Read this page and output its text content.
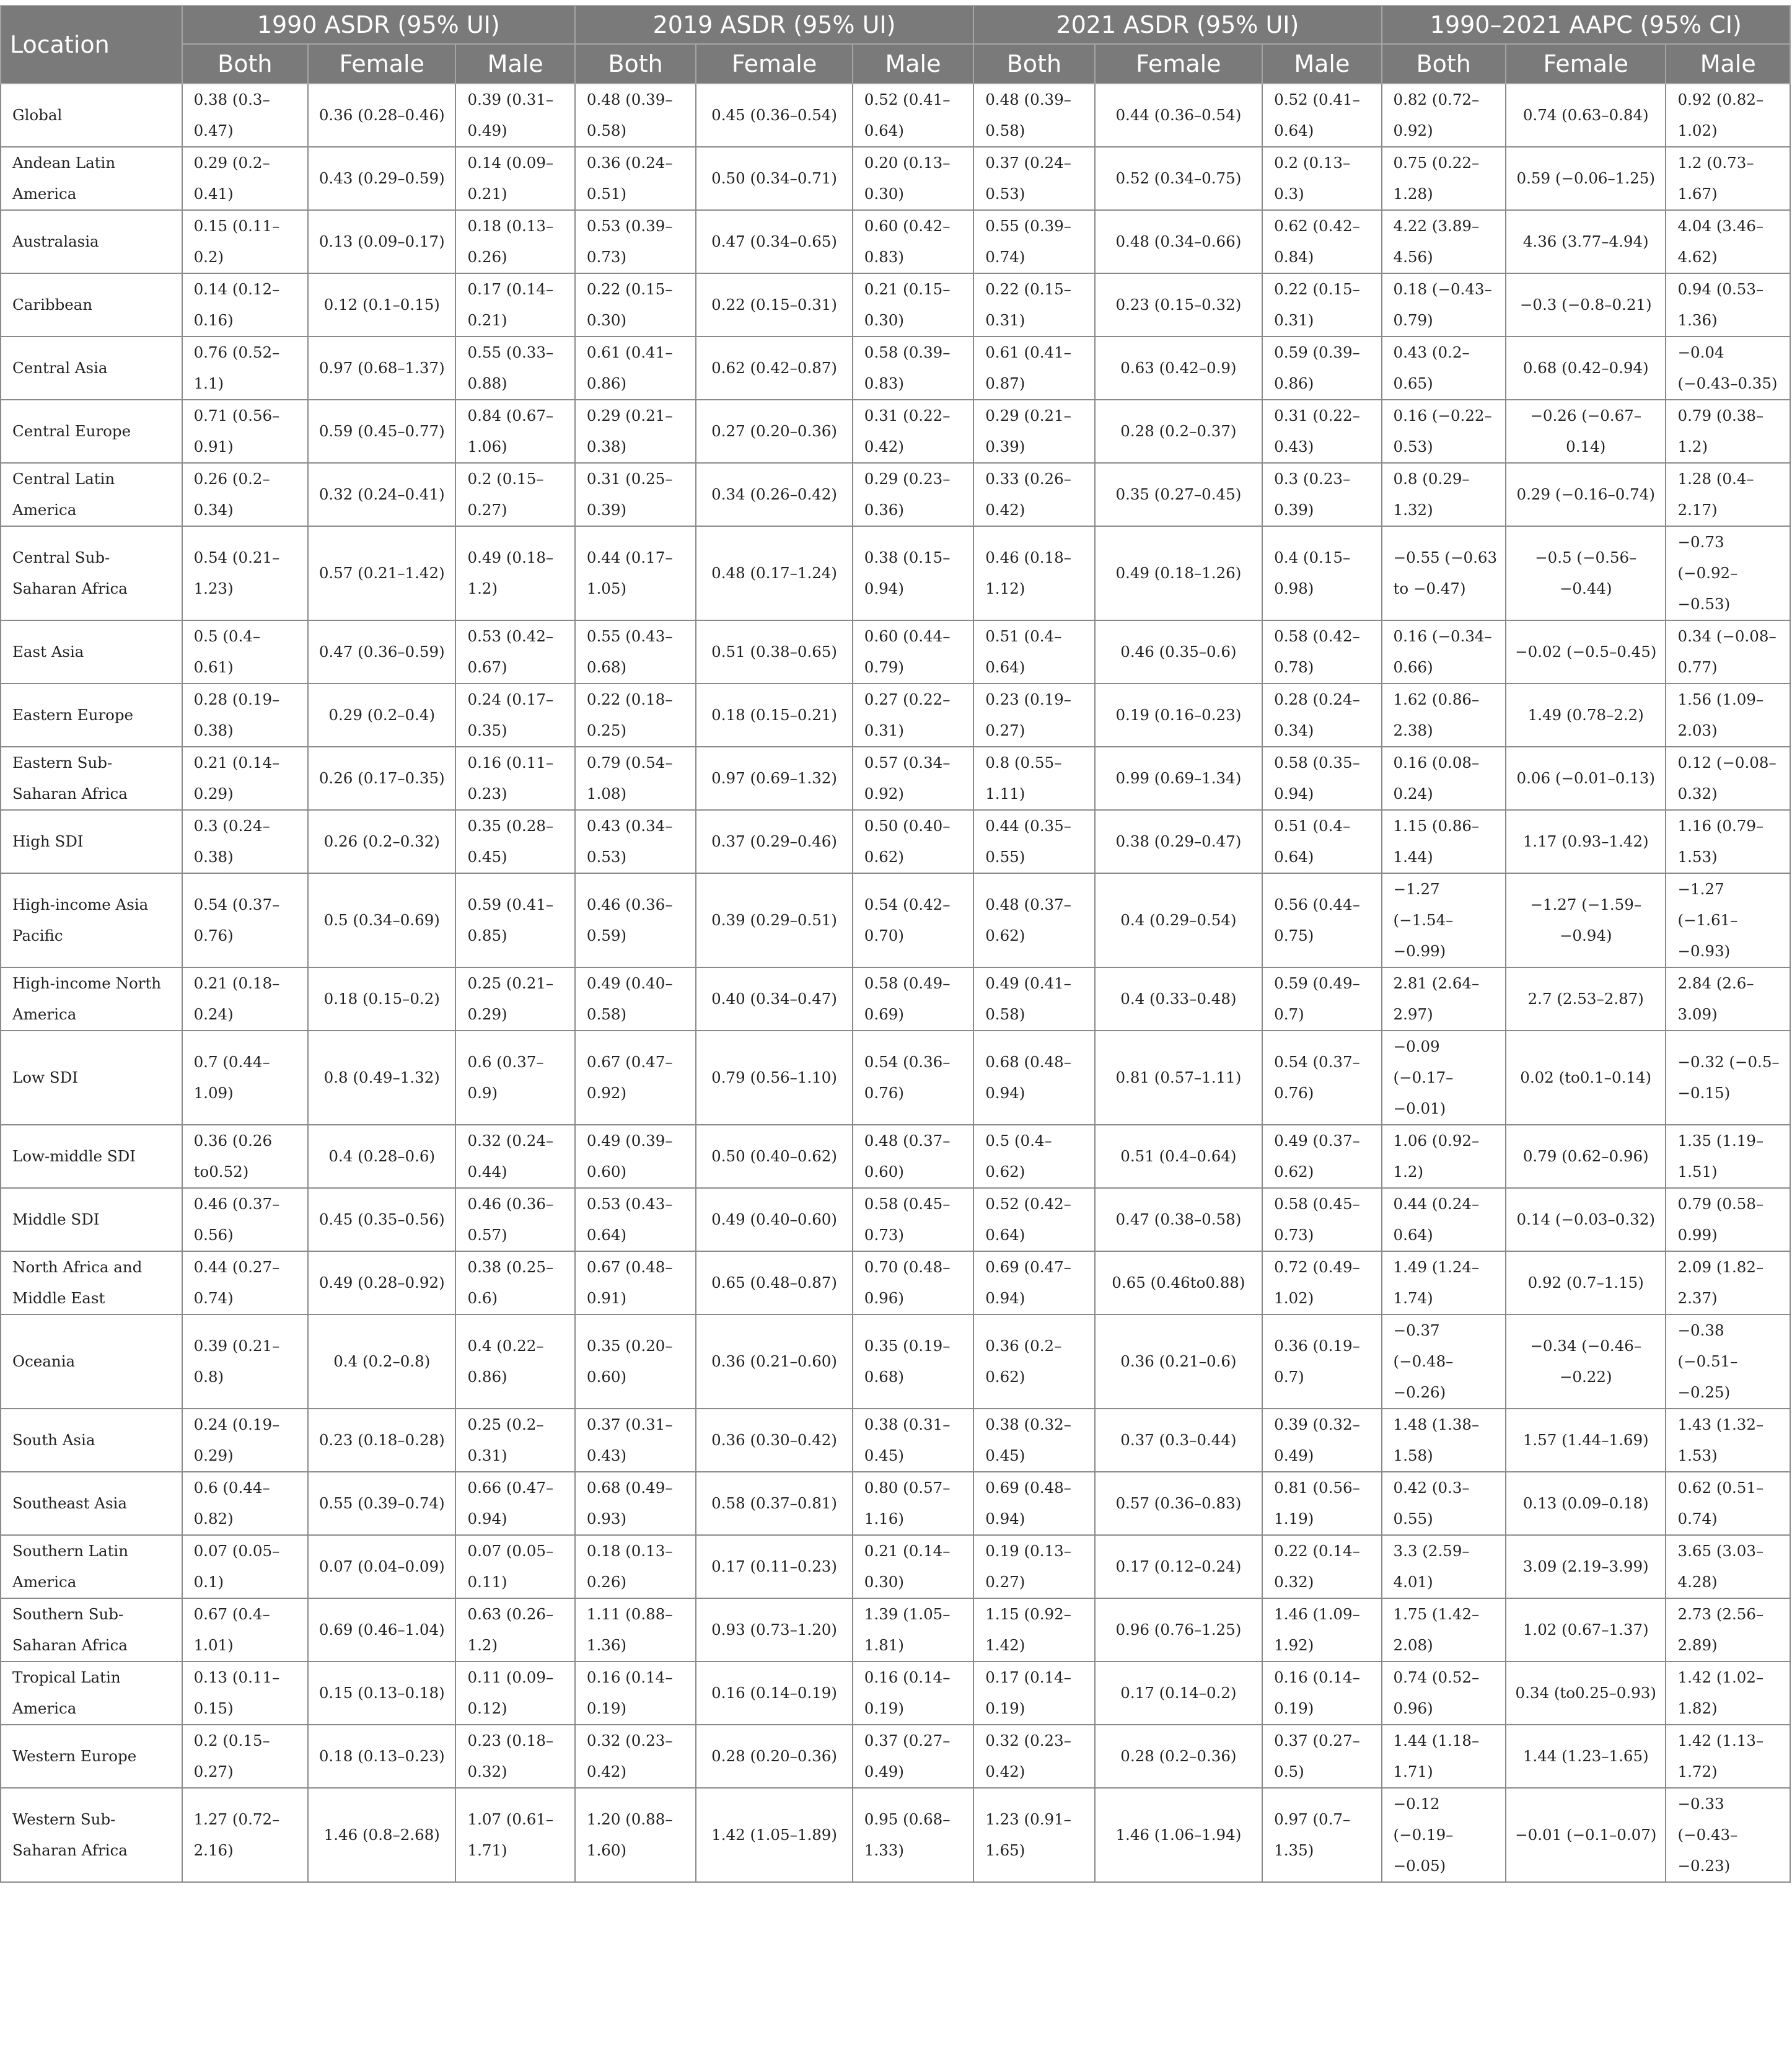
Location	1990 ASDR (95% UI)			2019 ASDR (95% UI)			2021 ASDR (95% UI)			1990–2021 AAPC (95% CI)		
	Both	Female	Male	Both	Female	Male	Both	Female	Male	Both	Female	Male
Global	0.38 (0.3–0.47)	0.36 (0.28–0.46)	0.39 (0.31–0.49)	0.48 (0.39–0.58)	0.45 (0.36–0.54)	0.52 (0.41–0.64)	0.48 (0.39–0.58)	0.44 (0.36–0.54)	0.52 (0.41–0.64)	0.82 (0.72–0.92)	0.74 (0.63–0.84)	0.92 (0.82–1.02)
Andean Latin America	0.29 (0.2–0.41)	0.43 (0.29–0.59)	0.14 (0.09–0.21)	0.36 (0.24–0.51)	0.50 (0.34–0.71)	0.20 (0.13–0.30)	0.37 (0.24–0.53)	0.52 (0.34–0.75)	0.2 (0.13–0.3)	0.75 (0.22–1.28)	0.59 (−0.06–1.25)	1.2 (0.73–1.67)
Australasia	0.15 (0.11–0.2)	0.13 (0.09–0.17)	0.18 (0.13–0.26)	0.53 (0.39–0.73)	0.47 (0.34–0.65)	0.60 (0.42–0.83)	0.55 (0.39–0.74)	0.48 (0.34–0.66)	0.62 (0.42–0.84)	4.22 (3.89–4.56)	4.36 (3.77–4.94)	4.04 (3.46–4.62)
Caribbean	0.14 (0.12–0.16)	0.12 (0.1–0.15)	0.17 (0.14–0.21)	0.22 (0.15–0.30)	0.22 (0.15–0.31)	0.21 (0.15–0.30)	0.22 (0.15–0.31)	0.23 (0.15–0.32)	0.22 (0.15–0.31)	0.18 (−0.43–0.79)	−0.3 (−0.8–0.21)	0.94 (0.53–1.36)
Central Asia	0.76 (0.52–1.1)	0.97 (0.68–1.37)	0.55 (0.33–0.88)	0.61 (0.41–0.86)	0.62 (0.42–0.87)	0.58 (0.39–0.83)	0.61 (0.41–0.87)	0.63 (0.42–0.9)	0.59 (0.39–0.86)	0.43 (0.2–0.65)	0.68 (0.42–0.94)	−0.04 (−0.43–0.35)
Central Europe	0.71 (0.56–0.91)	0.59 (0.45–0.77)	0.84 (0.67–1.06)	0.29 (0.21–0.38)	0.27 (0.20–0.36)	0.31 (0.22–0.42)	0.29 (0.21–0.39)	0.28 (0.2–0.37)	0.31 (0.22–0.43)	0.16 (−0.22–0.53)	−0.26 (−0.67–0.14)	0.79 (0.38–1.2)
Central Latin America	0.26 (0.2–0.34)	0.32 (0.24–0.41)	0.2 (0.15–0.27)	0.31 (0.25–0.39)	0.34 (0.26–0.42)	0.29 (0.23–0.36)	0.33 (0.26–0.42)	0.35 (0.27–0.45)	0.3 (0.23–0.39)	0.8 (0.29–1.32)	0.29 (−0.16–0.74)	1.28 (0.4–2.17)
Central Sub-Saharan Africa	0.54 (0.21–1.23)	0.57 (0.21–1.42)	0.49 (0.18–1.2)	0.44 (0.17–1.05)	0.48 (0.17–1.24)	0.38 (0.15–0.94)	0.46 (0.18–1.12)	0.49 (0.18–1.26)	0.4 (0.15–0.98)	−0.55 (−0.63 to −0.47)	−0.5 (−0.56–−0.44)	−0.73 (−0.92–−0.53)
East Asia	0.5 (0.4–0.61)	0.47 (0.36–0.59)	0.53 (0.42–0.67)	0.55 (0.43–0.68)	0.51 (0.38–0.65)	0.60 (0.44–0.79)	0.51 (0.4–0.64)	0.46 (0.35–0.6)	0.58 (0.42–0.78)	0.16 (−0.34–0.66)	−0.02 (−0.5–0.45)	0.34 (−0.08–0.77)
Eastern Europe	0.28 (0.19–0.38)	0.29 (0.2–0.4)	0.24 (0.17–0.35)	0.22 (0.18–0.25)	0.18 (0.15–0.21)	0.27 (0.22–0.31)	0.23 (0.19–0.27)	0.19 (0.16–0.23)	0.28 (0.24–0.34)	1.62 (0.86–2.38)	1.49 (0.78–2.2)	1.56 (1.09–2.03)
Eastern Sub-Saharan Africa	0.21 (0.14–0.29)	0.26 (0.17–0.35)	0.16 (0.11–0.23)	0.79 (0.54–1.08)	0.97 (0.69–1.32)	0.57 (0.34–0.92)	0.8 (0.55–1.11)	0.99 (0.69–1.34)	0.58 (0.35–0.94)	0.16 (0.08–0.24)	0.06 (−0.01–0.13)	0.12 (−0.08–0.32)
High SDI	0.3 (0.24–0.38)	0.26 (0.2–0.32)	0.35 (0.28–0.45)	0.43 (0.34–0.53)	0.37 (0.29–0.46)	0.50 (0.40–0.62)	0.44 (0.35–0.55)	0.38 (0.29–0.47)	0.51 (0.4–0.64)	1.15 (0.86–1.44)	1.17 (0.93–1.42)	1.16 (0.79–1.53)
High-income Asia Pacific	0.54 (0.37–0.76)	0.5 (0.34–0.69)	0.59 (0.41–0.85)	0.46 (0.36–0.59)	0.39 (0.29–0.51)	0.54 (0.42–0.70)	0.48 (0.37–0.62)	0.4 (0.29–0.54)	0.56 (0.44–0.75)	−1.27 (−1.54–−0.99)	−1.27 (−1.59–−0.94)	−1.27 (−1.61–−0.93)
High-income North America	0.21 (0.18–0.24)	0.18 (0.15–0.2)	0.25 (0.21–0.29)	0.49 (0.40–0.58)	0.40 (0.34–0.47)	0.58 (0.49–0.69)	0.49 (0.41–0.58)	0.4 (0.33–0.48)	0.59 (0.49–0.7)	2.81 (2.64–2.97)	2.7 (2.53–2.87)	2.84 (2.6–3.09)
Low SDI	0.7 (0.44–1.09)	0.8 (0.49–1.32)	0.6 (0.37–0.9)	0.67 (0.47–0.92)	0.79 (0.56–1.10)	0.54 (0.36–0.76)	0.68 (0.48–0.94)	0.81 (0.57–1.11)	0.54 (0.37–0.76)	−0.09 (−0.17–−0.01)	0.02 (to0.1–0.14)	−0.32 (−0.5–−0.15)
Low-middle SDI	0.36 (0.26 to0.52)	0.4 (0.28–0.6)	0.32 (0.24–0.44)	0.49 (0.39–0.60)	0.50 (0.40–0.62)	0.48 (0.37–0.60)	0.5 (0.4–0.62)	0.51 (0.4–0.64)	0.49 (0.37–0.62)	1.06 (0.92–1.2)	0.79 (0.62–0.96)	1.35 (1.19–1.51)
Middle SDI	0.46 (0.37–0.56)	0.45 (0.35–0.56)	0.46 (0.36–0.57)	0.53 (0.43–0.64)	0.49 (0.40–0.60)	0.58 (0.45–0.73)	0.52 (0.42–0.64)	0.47 (0.38–0.58)	0.58 (0.45–0.73)	0.44 (0.24–0.64)	0.14 (−0.03–0.32)	0.79 (0.58–0.99)
North Africa and Middle East	0.44 (0.27–0.74)	0.49 (0.28–0.92)	0.38 (0.25–0.6)	0.67 (0.48–0.91)	0.65 (0.48–0.87)	0.70 (0.48–0.96)	0.69 (0.47–0.94)	0.65 (0.46to0.88)	0.72 (0.49–1.02)	1.49 (1.24–1.74)	0.92 (0.7–1.15)	2.09 (1.82–2.37)
Oceania	0.39 (0.21–0.8)	0.4 (0.2–0.8)	0.4 (0.22–0.86)	0.35 (0.20–0.60)	0.36 (0.21–0.60)	0.35 (0.19–0.68)	0.36 (0.2–0.62)	0.36 (0.21–0.6)	0.36 (0.19–0.7)	−0.37 (−0.48–−0.26)	−0.34 (−0.46–−0.22)	−0.38 (−0.51–−0.25)
South Asia	0.24 (0.19–0.29)	0.23 (0.18–0.28)	0.25 (0.2–0.31)	0.37 (0.31–0.43)	0.36 (0.30–0.42)	0.38 (0.31–0.45)	0.38 (0.32–0.45)	0.37 (0.3–0.44)	0.39 (0.32–0.49)	1.48 (1.38–1.58)	1.57 (1.44–1.69)	1.43 (1.32–1.53)
Southeast Asia	0.6 (0.44–0.82)	0.55 (0.39–0.74)	0.66 (0.47–0.94)	0.68 (0.49–0.93)	0.58 (0.37–0.81)	0.80 (0.57–1.16)	0.69 (0.48–0.94)	0.57 (0.36–0.83)	0.81 (0.56–1.19)	0.42 (0.3–0.55)	0.13 (0.09–0.18)	0.62 (0.51–0.74)
Southern Latin America	0.07 (0.05–0.1)	0.07 (0.04–0.09)	0.07 (0.05–0.11)	0.18 (0.13–0.26)	0.17 (0.11–0.23)	0.21 (0.14–0.30)	0.19 (0.13–0.27)	0.17 (0.12–0.24)	0.22 (0.14–0.32)	3.3 (2.59–4.01)	3.09 (2.19–3.99)	3.65 (3.03–4.28)
Southern Sub-Saharan Africa	0.67 (0.4–1.01)	0.69 (0.46–1.04)	0.63 (0.26–1.2)	1.11 (0.88–1.36)	0.93 (0.73–1.20)	1.39 (1.05–1.81)	1.15 (0.92–1.42)	0.96 (0.76–1.25)	1.46 (1.09–1.92)	1.75 (1.42–2.08)	1.02 (0.67–1.37)	2.73 (2.56–2.89)
Tropical Latin America	0.13 (0.11–0.15)	0.15 (0.13–0.18)	0.11 (0.09–0.12)	0.16 (0.14–0.19)	0.16 (0.14–0.19)	0.16 (0.14–0.19)	0.17 (0.14–0.19)	0.17 (0.14–0.2)	0.16 (0.14–0.19)	0.74 (0.52–0.96)	0.34 (to0.25–0.93)	1.42 (1.02–1.82)
Western Europe	0.2 (0.15–0.27)	0.18 (0.13–0.23)	0.23 (0.18–0.32)	0.32 (0.23–0.42)	0.28 (0.20–0.36)	0.37 (0.27–0.49)	0.32 (0.23–0.42)	0.28 (0.2–0.36)	0.37 (0.27–0.5)	1.44 (1.18–1.71)	1.44 (1.23–1.65)	1.42 (1.13–1.72)
Western Sub-Saharan Africa	1.27 (0.72–2.16)	1.46 (0.8–2.68)	1.07 (0.61–1.71)	1.20 (0.88–1.60)	1.42 (1.05–1.89)	0.95 (0.68–1.33)	1.23 (0.91–1.65)	1.46 (1.06–1.94)	0.97 (0.7–1.35)	−0.12 (−0.19–−0.05)	−0.01 (−0.1–0.07)	−0.33 (−0.43–−0.23)
